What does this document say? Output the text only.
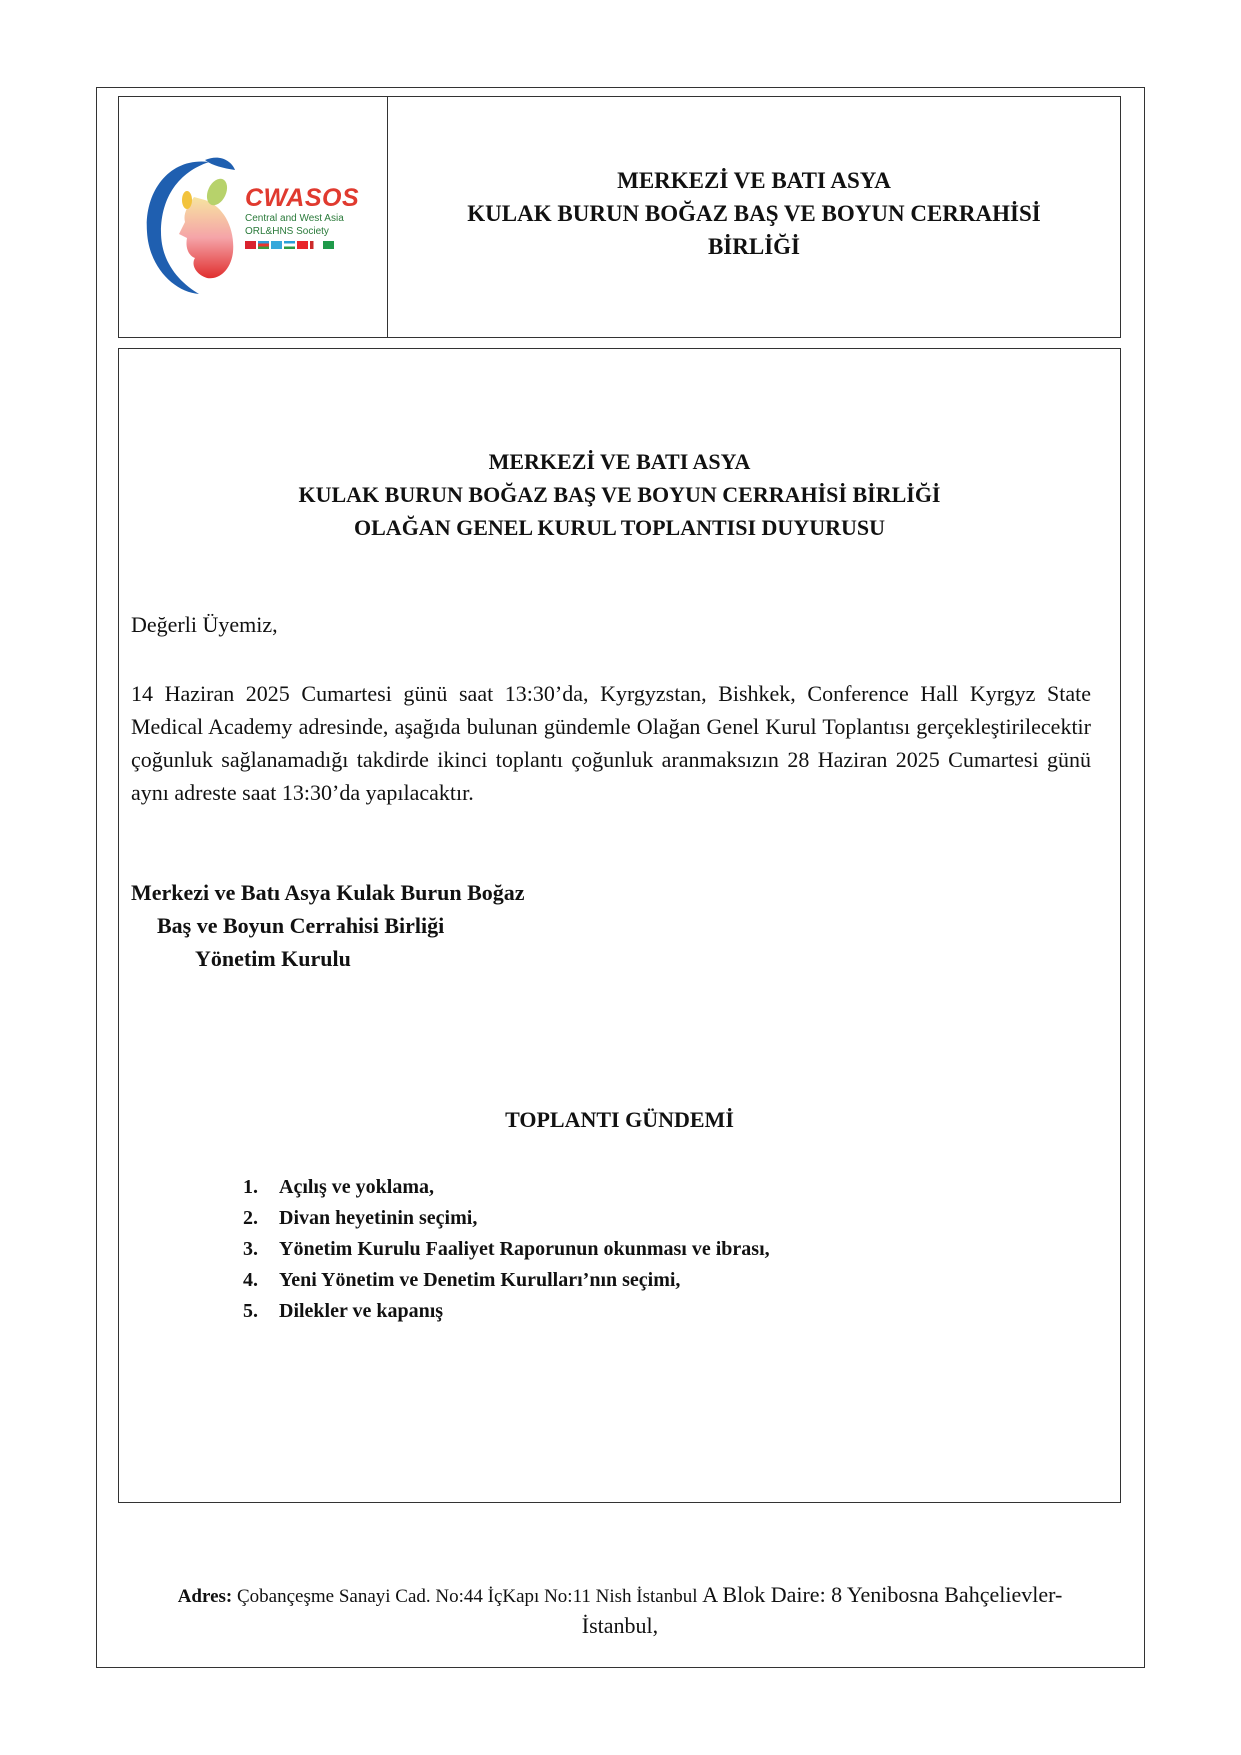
CWASOS
Central and West Asia
ORL&HNS Society
MERKEZİ VE BATI ASYA
KULAK BURUN BOĞAZ BAŞ VE BOYUN CERRAHİSİ
BİRLİĞİ
MERKEZİ VE BATI ASYA
KULAK BURUN BOĞAZ BAŞ VE BOYUN CERRAHİSİ BİRLİĞİ
OLAĞAN GENEL KURUL TOPLANTISI DUYURUSU
Değerli Üyemiz,
14 Haziran 2025 Cumartesi günü saat 13:30’da, Kyrgyzstan, Bishkek, Conference Hall Kyrgyz State Medical Academy adresinde, aşağıda bulunan gündemle Olağan Genel Kurul Toplantısı gerçekleştirilecektir çoğunluk sağlanamadığı takdirde ikinci toplantı çoğunluk aranmaksızın 28 Haziran 2025 Cumartesi günü aynı adreste saat 13:30’da yapılacaktır.
Merkezi ve Batı Asya Kulak Burun Boğaz
Baş ve Boyun Cerrahisi Birliği
Yönetim Kurulu
TOPLANTI GÜNDEMİ
1.	Açılış ve yoklama,
2.	Divan heyetinin seçimi,
3.	Yönetim Kurulu Faaliyet Raporunun okunması ve ibrası,
4.	Yeni Yönetim ve Denetim Kurulları’nın seçimi,
5.	Dilekler ve kapanış
Adres: Çobançeşme Sanayi Cad. No:44 İçKapı No:11 Nish İstanbul A Blok Daire: 8 Yenibosna Bahçelievler-
İstanbul,
